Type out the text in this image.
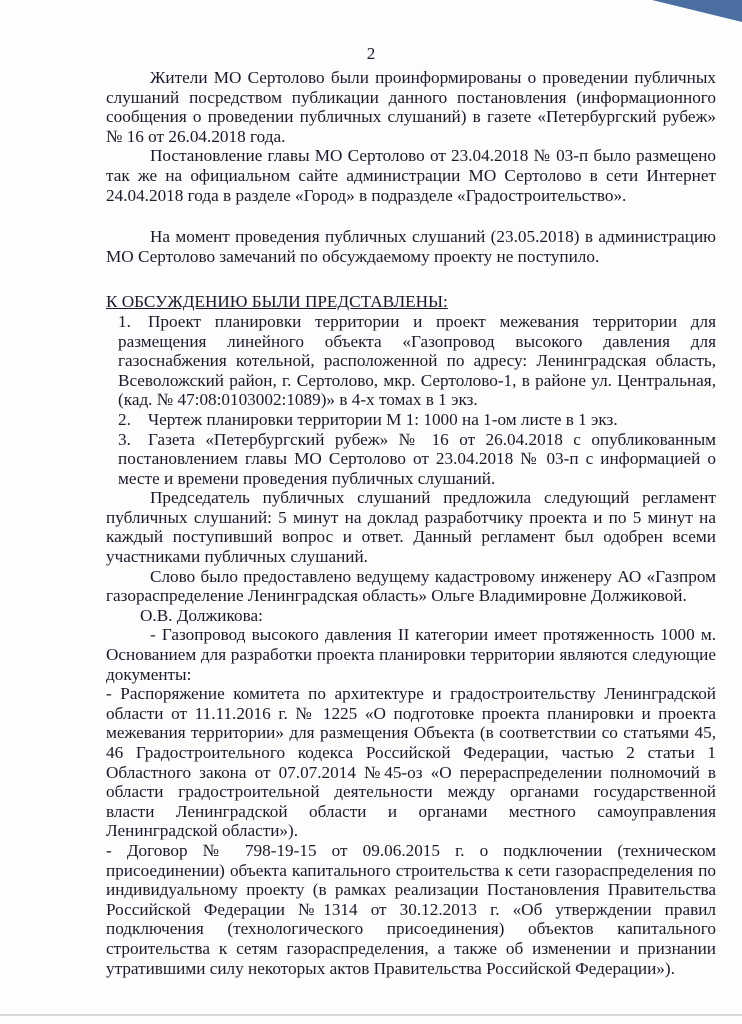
2

Жители МО Сертолово были проинформированы о проведении публичных слушаний посредством публикации данного постановления (информационного сообщения о проведении публичных слушаний) в газете «Петербургский рубеж» № 16 от 26.04.2018 года.

Постановление главы МО Сертолово от 23.04.2018 № 03-п было размещено так же на официальном сайте администрации МО Сертолово в сети Интернет 24.04.2018 года в разделе «Город» в подразделе «Градостроительство».

На момент проведения публичных слушаний (23.05.2018) в администрацию МО Сертолово замечаний по обсуждаемому проекту не поступило.

К ОБСУЖДЕНИЮ БЫЛИ ПРЕДСТАВЛЕНЫ:

1. Проект планировки территории и проект межевания территории для размещения линейного объекта «Газопровод высокого давления для газоснабжения котельной, расположенной по адресу: Ленинградская область, Всеволожский район, г. Сертолово, мкр. Сертолово-1, в районе ул. Центральная, (кад. № 47:08:0103002:1089)» в 4-х томах в 1 экз.

2. Чертеж планировки территории М 1: 1000 на 1-ом листе в 1 экз.

3. Газета «Петербургский рубеж» № 16 от 26.04.2018 с опубликованным постановлением главы МО Сертолово от 23.04.2018 № 03-п с информацией о месте и времени проведения публичных слушаний.

Председатель публичных слушаний предложила следующий регламент публичных слушаний: 5 минут на доклад разработчику проекта и по 5 минут на каждый поступивший вопрос и ответ. Данный регламент был одобрен всеми участниками публичных слушаний.

Слово было предоставлено ведущему кадастровому инженеру АО «Газпром газораспределение Ленинградская область» Ольге Владимировне Должиковой.

О.В. Должикова:

- Газопровод высокого давления II категории имеет протяженность 1000 м. Основанием для разработки проекта планировки территории являются следующие документы:

- Распоряжение комитета по архитектуре и градостроительству Ленинградской области от 11.11.2016 г. № 1225 «О подготовке проекта планировки и проекта межевания территории» для размещения Объекта (в соответствии со статьями 45, 46 Градостроительного кодекса Российской Федерации, частью 2 статьи 1 Областного закона от 07.07.2014 №45-оз «О перераспределении полномочий в области градостроительной деятельности между органами государственной власти Ленинградской области и органами местного самоуправления Ленинградской области»).

- Договор № 798-19-15 от 09.06.2015 г. о подключении (техническом присоединении) объекта капитального строительства к сети газораспределения по индивидуальному проекту (в рамках реализации Постановления Правительства Российской Федерации №1314 от 30.12.2013 г. «Об утверждении правил подключения (технологического присоединения) объектов капитального строительства к сетям газораспределения, а также об изменении и признании утратившими силу некоторых актов Правительства Российской Федерации»).
